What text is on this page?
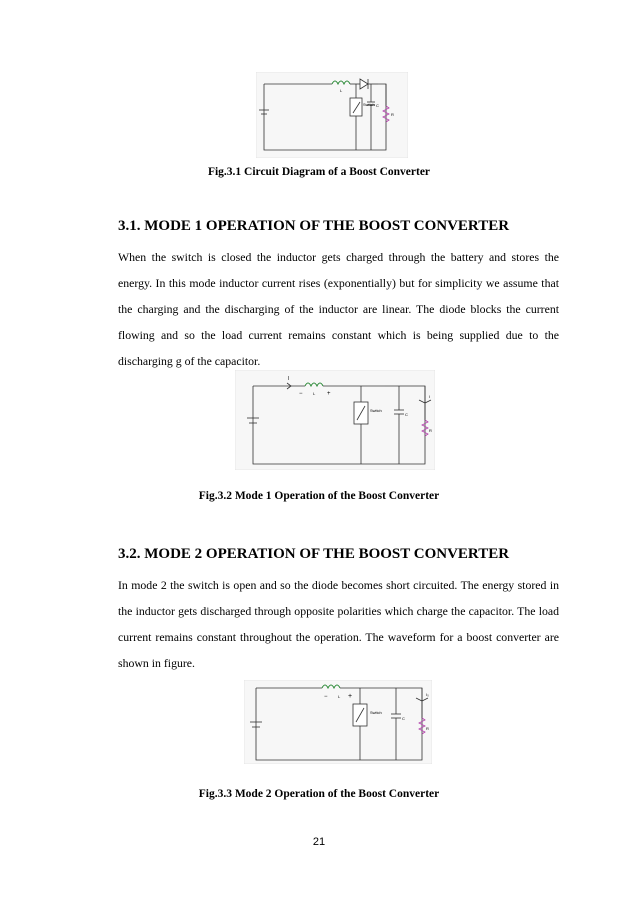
L
Switch C
R
Fig.3.1 Circuit Diagram of a Boost Converter
3.1. MODE 1 OPERATION OF THE BOOST CONVERTER
When the switch is closed the inductor gets charged through the battery and stores the energy. In this mode inductor current rises (exponentially) but for simplicity we assume that the charging and the discharging of the inductor are linear. The diode blocks the current flowing and so the load current remains constant which is being supplied due to the discharging g of the capacitor.
I
−	L +
Switch
C
I
R
Fig.3.2 Mode 1 Operation of the Boost Converter
3.2. MODE 2 OPERATION OF THE BOOST CONVERTER
In mode 2 the switch is open and so the diode becomes short circuited. The energy stored in the inductor gets discharged through opposite polarities which charge the capacitor. The load current remains constant throughout the operation. The waveform for a boost converter are shown in figure.
−	L +
Switch
C
I₀
R
Fig.3.3 Mode 2 Operation of the Boost Converter
21
